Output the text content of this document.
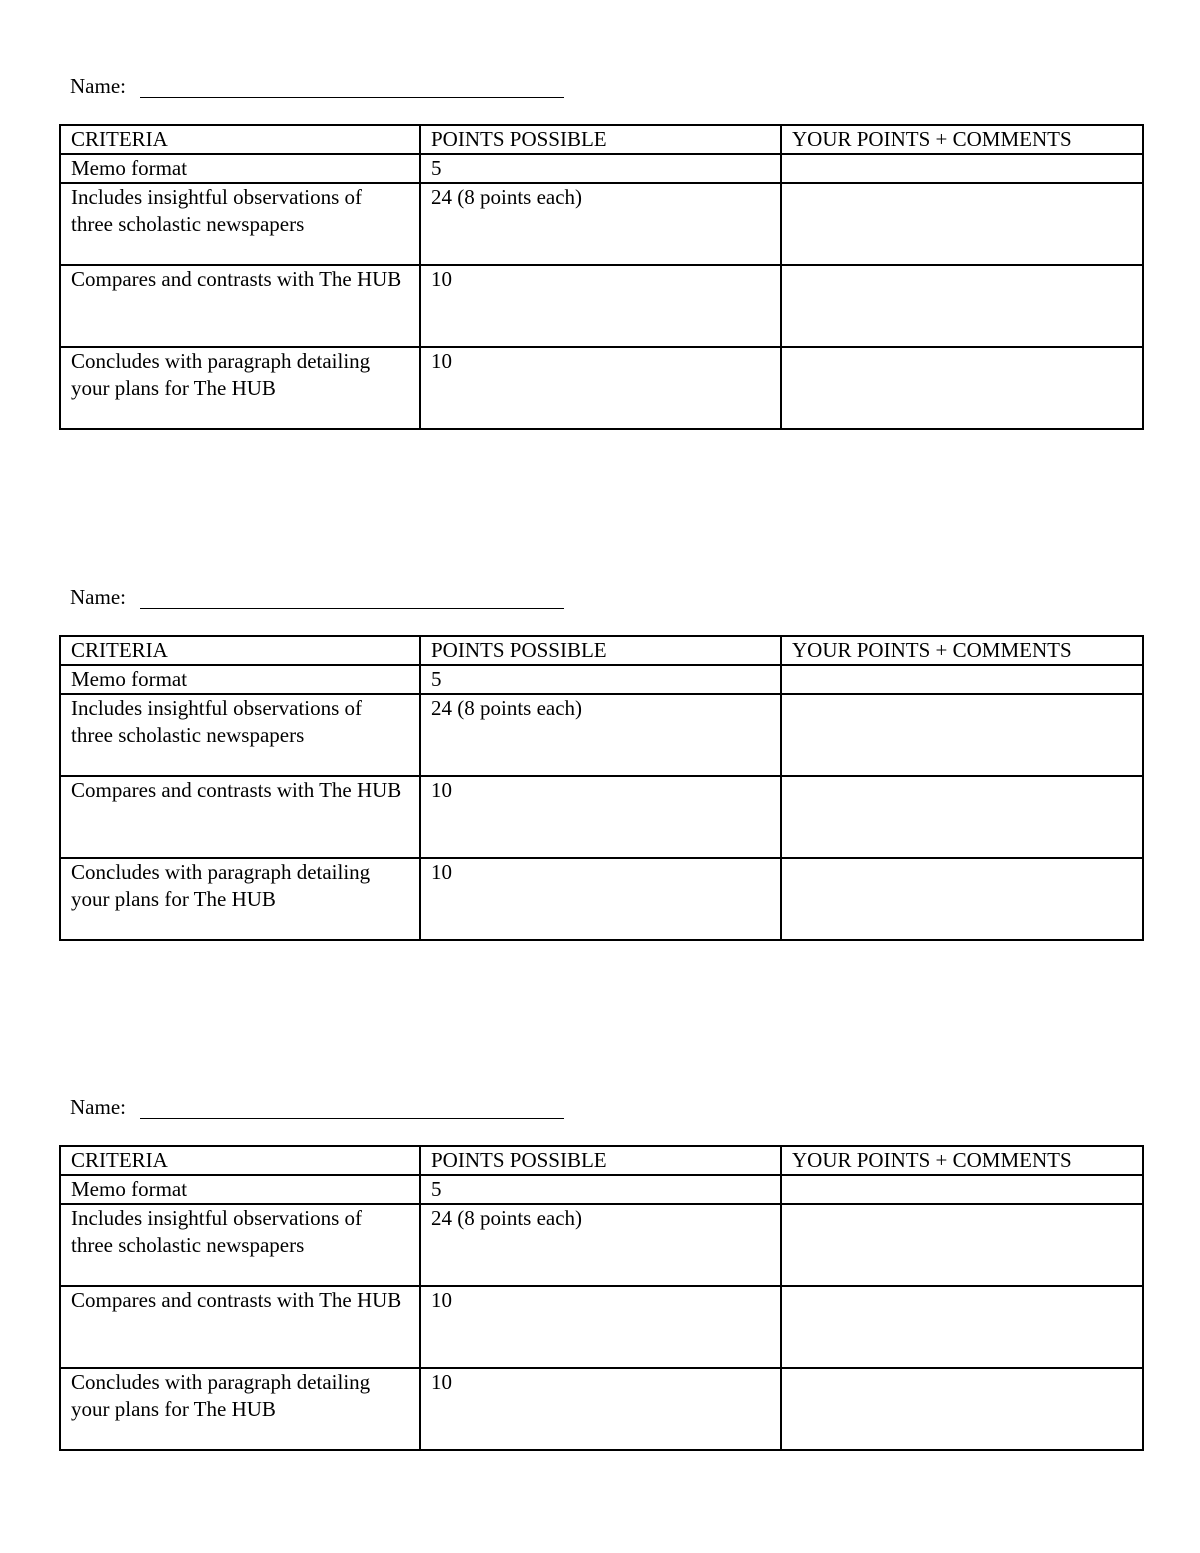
Name:
CRITERIA	POINTS POSSIBLE	YOUR POINTS + COMMENTS
Memo format	5	
Includes insightful observations of three scholastic newspapers	24 (8 points each)	
Compares and contrasts with The HUB	10	
Concludes with paragraph detailing your plans for The HUB	10	
Name:
CRITERIA	POINTS POSSIBLE	YOUR POINTS + COMMENTS
Memo format	5	
Includes insightful observations of three scholastic newspapers	24 (8 points each)	
Compares and contrasts with The HUB	10	
Concludes with paragraph detailing your plans for The HUB	10	
Name:
CRITERIA	POINTS POSSIBLE	YOUR POINTS + COMMENTS
Memo format	5	
Includes insightful observations of three scholastic newspapers	24 (8 points each)	
Compares and contrasts with The HUB	10	
Concludes with paragraph detailing your plans for The HUB	10	
